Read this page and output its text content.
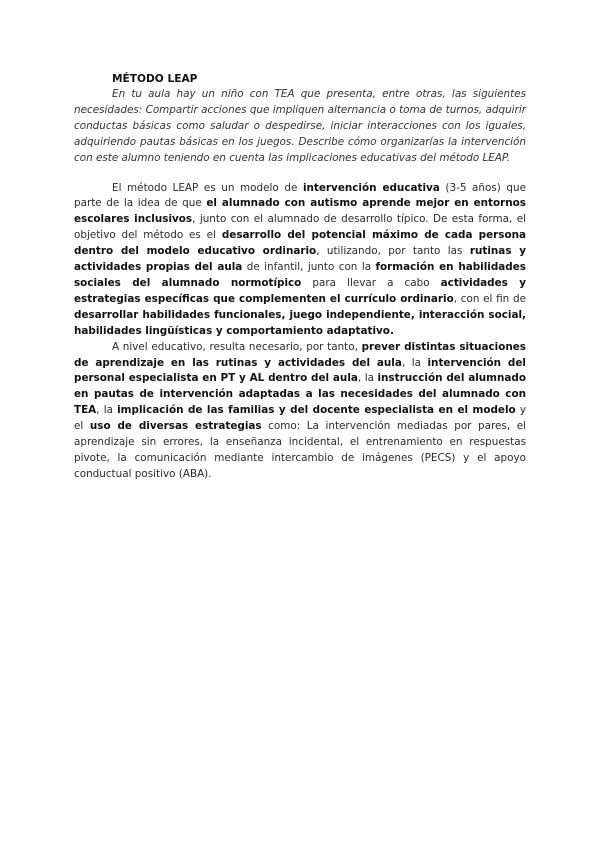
MÉTODO LEAP

En tu aula hay un niño con TEA que presenta, entre otras, las siguientes necesidades: Compartir acciones que impliquen alternancia o toma de turnos, adquirir conductas básicas como saludar o despedirse, iniciar interacciones con los iguales, adquiriendo pautas básicas en los juegos. Describe cómo organizarías la intervención con este alumno teniendo en cuenta las implicaciones educativas del método LEAP.

El método LEAP es un modelo de intervención educativa (3-5 años) que parte de la idea de que el alumnado con autismo aprende mejor en entornos escolares inclusivos, junto con el alumnado de desarrollo típico. De esta forma, el objetivo del método es el desarrollo del potencial máximo de cada persona dentro del modelo educativo ordinario, utilizando, por tanto las rutinas y actividades propias del aula de infantil, junto con la formación en habilidades sociales del alumnado normotípico para llevar a cabo actividades y estrategias específicas que complementen el currículo ordinario, con el fin de desarrollar habilidades funcionales, juego independiente, interacción social, habilidades lingüísticas y comportamiento adaptativo.

A nivel educativo, resulta necesario, por tanto, prever distintas situaciones de aprendizaje en las rutinas y actividades del aula, la intervención del personal especialista en PT y AL dentro del aula, la instrucción del alumnado en pautas de intervención adaptadas a las necesidades del alumnado con TEA, la implicación de las familias y del docente especialista en el modelo y el uso de diversas estrategias como: La intervención mediadas por pares, el aprendizaje sin errores, la enseñanza incidental, el entrenamiento en respuestas pivote, la comunicación mediante intercambio de imágenes (PECS) y el apoyo conductual positivo (ABA).
